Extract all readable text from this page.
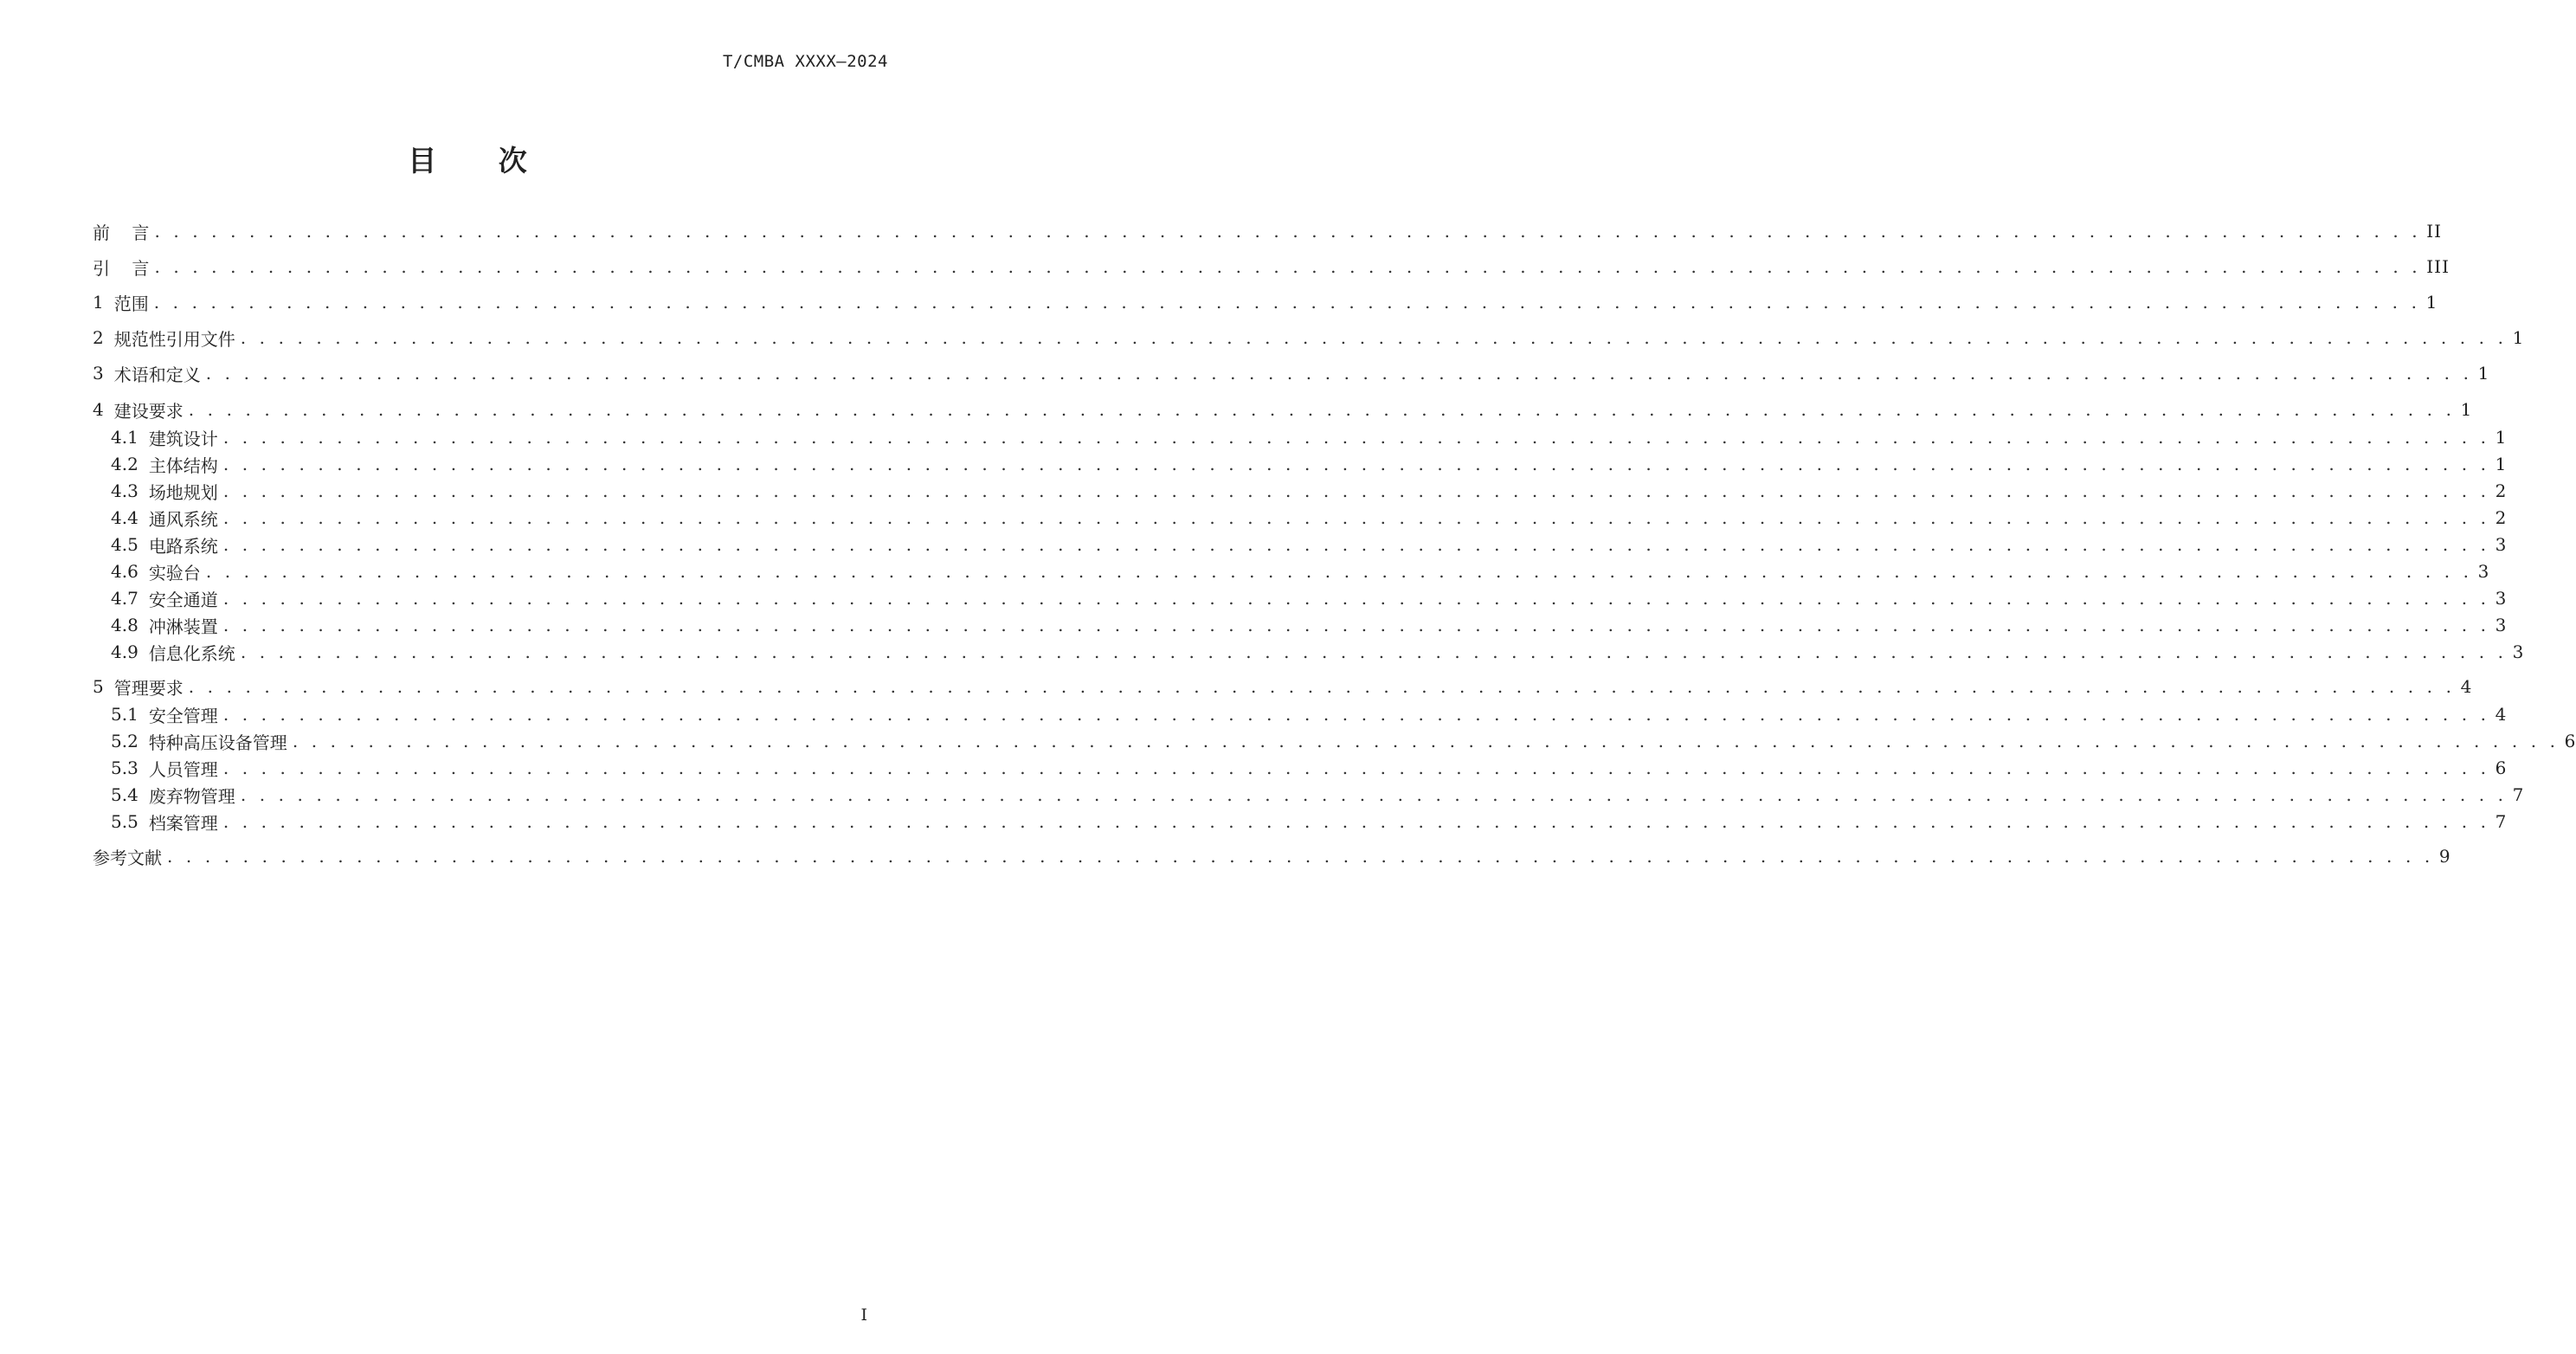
T/CMBA XXXX—2024
目 次
前    言 . . . . . . . . . . . . . . . . . . . . . . . . . . . . . . . . . . . . . . . . . . . . . . . . . . . . . . . . . . . . . . . . . . . . . . . . . . . . . . . . . . . . . . . . . . . . . . . . . . . . . . . . . . . . . . . . . . . . . . . . II
引    言 . . . . . . . . . . . . . . . . . . . . . . . . . . . . . . . . . . . . . . . . . . . . . . . . . . . . . . . . . . . . . . . . . . . . . . . . . . . . . . . . . . . . . . . . . . . . . . . . . . . . . . . . . . . . . . . . . . . . . . . . III
1 范围 . . . . . . . . . . . . . . . . . . . . . . . . . . . . . . . . . . . . . . . . . . . . . . . . . . . . . . . . . . . . . . . . . . . . . . . . . . . . . . . . . . . . . . . . . . . . . . . . . . . . . . . . . . . . . . . . . . . . . . . . 1
2 规范性引用文件 . . . . . . . . . . . . . . . . . . . . . . . . . . . . . . . . . . . . . . . . . . . . . . . . . . . . . . . . . . . . . . . . . . . . . . . . . . . . . . . . . . . . . . . . . . . . . . . . . . . . . . . . . . . . . . . . . . . . . . . . 1
3 术语和定义 . . . . . . . . . . . . . . . . . . . . . . . . . . . . . . . . . . . . . . . . . . . . . . . . . . . . . . . . . . . . . . . . . . . . . . . . . . . . . . . . . . . . . . . . . . . . . . . . . . . . . . . . . . . . . . . . . . . . . . . . 1
4 建设要求 . . . . . . . . . . . . . . . . . . . . . . . . . . . . . . . . . . . . . . . . . . . . . . . . . . . . . . . . . . . . . . . . . . . . . . . . . . . . . . . . . . . . . . . . . . . . . . . . . . . . . . . . . . . . . . . . . . . . . . . . 1
4.1 建筑设计 . . . . . . . . . . . . . . . . . . . . . . . . . . . . . . . . . . . . . . . . . . . . . . . . . . . . . . . . . . . . . . . . . . . . . . . . . . . . . . . . . . . . . . . . . . . . . . . . . . . . . . . . . . . . . . . . . . . . . . . . 1
4.2 主体结构 . . . . . . . . . . . . . . . . . . . . . . . . . . . . . . . . . . . . . . . . . . . . . . . . . . . . . . . . . . . . . . . . . . . . . . . . . . . . . . . . . . . . . . . . . . . . . . . . . . . . . . . . . . . . . . . . . . . . . . . . 1
4.3 场地规划 . . . . . . . . . . . . . . . . . . . . . . . . . . . . . . . . . . . . . . . . . . . . . . . . . . . . . . . . . . . . . . . . . . . . . . . . . . . . . . . . . . . . . . . . . . . . . . . . . . . . . . . . . . . . . . . . . . . . . . . . 2
4.4 通风系统 . . . . . . . . . . . . . . . . . . . . . . . . . . . . . . . . . . . . . . . . . . . . . . . . . . . . . . . . . . . . . . . . . . . . . . . . . . . . . . . . . . . . . . . . . . . . . . . . . . . . . . . . . . . . . . . . . . . . . . . . 2
4.5 电路系统 . . . . . . . . . . . . . . . . . . . . . . . . . . . . . . . . . . . . . . . . . . . . . . . . . . . . . . . . . . . . . . . . . . . . . . . . . . . . . . . . . . . . . . . . . . . . . . . . . . . . . . . . . . . . . . . . . . . . . . . . 3
4.6 实验台 . . . . . . . . . . . . . . . . . . . . . . . . . . . . . . . . . . . . . . . . . . . . . . . . . . . . . . . . . . . . . . . . . . . . . . . . . . . . . . . . . . . . . . . . . . . . . . . . . . . . . . . . . . . . . . . . . . . . . . . . 3
4.7 安全通道 . . . . . . . . . . . . . . . . . . . . . . . . . . . . . . . . . . . . . . . . . . . . . . . . . . . . . . . . . . . . . . . . . . . . . . . . . . . . . . . . . . . . . . . . . . . . . . . . . . . . . . . . . . . . . . . . . . . . . . . . 3
4.8 冲淋装置 . . . . . . . . . . . . . . . . . . . . . . . . . . . . . . . . . . . . . . . . . . . . . . . . . . . . . . . . . . . . . . . . . . . . . . . . . . . . . . . . . . . . . . . . . . . . . . . . . . . . . . . . . . . . . . . . . . . . . . . . 3
4.9 信息化系统 . . . . . . . . . . . . . . . . . . . . . . . . . . . . . . . . . . . . . . . . . . . . . . . . . . . . . . . . . . . . . . . . . . . . . . . . . . . . . . . . . . . . . . . . . . . . . . . . . . . . . . . . . . . . . . . . . . . . . . . . 3
5 管理要求 . . . . . . . . . . . . . . . . . . . . . . . . . . . . . . . . . . . . . . . . . . . . . . . . . . . . . . . . . . . . . . . . . . . . . . . . . . . . . . . . . . . . . . . . . . . . . . . . . . . . . . . . . . . . . . . . . . . . . . . . 4
5.1 安全管理 . . . . . . . . . . . . . . . . . . . . . . . . . . . . . . . . . . . . . . . . . . . . . . . . . . . . . . . . . . . . . . . . . . . . . . . . . . . . . . . . . . . . . . . . . . . . . . . . . . . . . . . . . . . . . . . . . . . . . . . . 4
5.2 特种高压设备管理 . . . . . . . . . . . . . . . . . . . . . . . . . . . . . . . . . . . . . . . . . . . . . . . . . . . . . . . . . . . . . . . . . . . . . . . . . . . . . . . . . . . . . . . . . . . . . . . . . . . . . . . . . . . . . . . . . . . . . . . . 6
5.3 人员管理 . . . . . . . . . . . . . . . . . . . . . . . . . . . . . . . . . . . . . . . . . . . . . . . . . . . . . . . . . . . . . . . . . . . . . . . . . . . . . . . . . . . . . . . . . . . . . . . . . . . . . . . . . . . . . . . . . . . . . . . . 6
5.4 废弃物管理 . . . . . . . . . . . . . . . . . . . . . . . . . . . . . . . . . . . . . . . . . . . . . . . . . . . . . . . . . . . . . . . . . . . . . . . . . . . . . . . . . . . . . . . . . . . . . . . . . . . . . . . . . . . . . . . . . . . . . . . . 7
5.5 档案管理 . . . . . . . . . . . . . . . . . . . . . . . . . . . . . . . . . . . . . . . . . . . . . . . . . . . . . . . . . . . . . . . . . . . . . . . . . . . . . . . . . . . . . . . . . . . . . . . . . . . . . . . . . . . . . . . . . . . . . . . . 7
参考文献 . . . . . . . . . . . . . . . . . . . . . . . . . . . . . . . . . . . . . . . . . . . . . . . . . . . . . . . . . . . . . . . . . . . . . . . . . . . . . . . . . . . . . . . . . . . . . . . . . . . . . . . . . . . . . . . . . . . . . . . . 9
I
